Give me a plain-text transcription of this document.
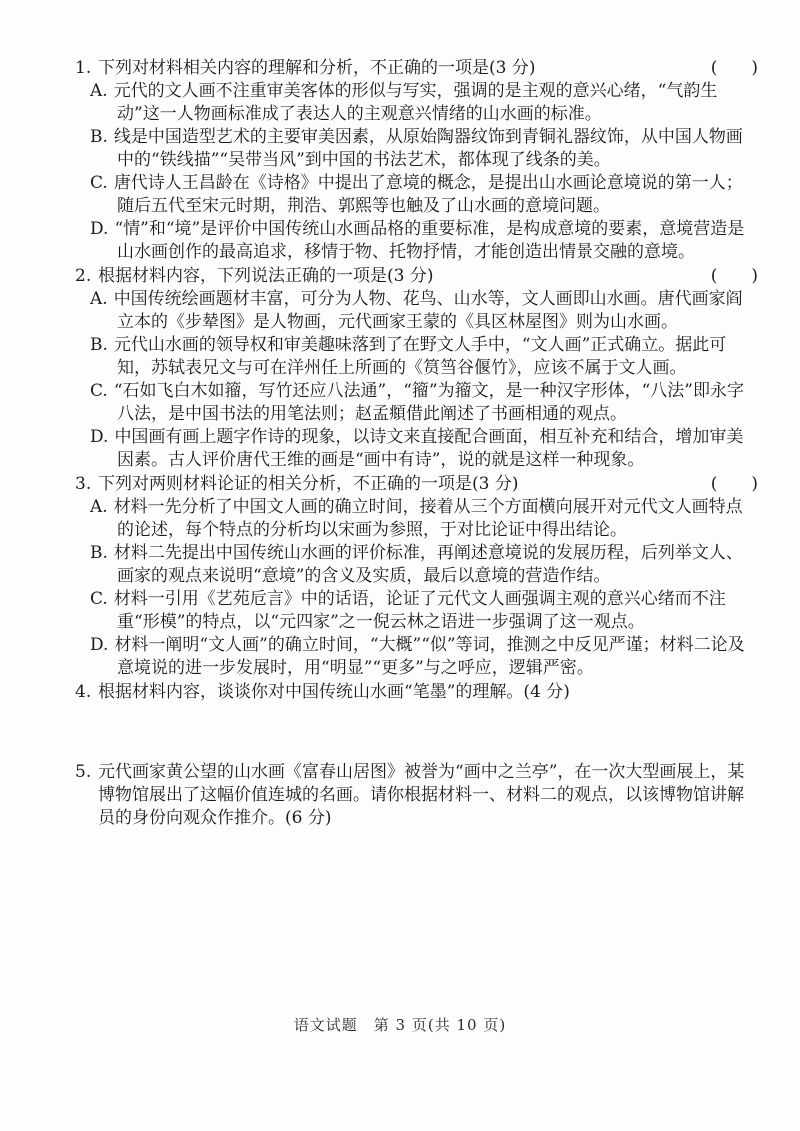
1. 下列对材料相关内容的理解和分析，不正确的一项是(3 分)	(　　)
A. 元代的文人画不注重审美客体的形似与写实，强调的是主观的意兴心绪，“气韵生动”这一人物画标准成了表达人的主观意兴情绪的山水画的标准。
B. 线是中国造型艺术的主要审美因素，从原始陶器纹饰到青铜礼器纹饰，从中国人物画中的“铁线描”“吴带当风”到中国的书法艺术，都体现了线条的美。
C. 唐代诗人王昌龄在《诗格》中提出了意境的概念，是提出山水画论意境说的第一人；随后五代至宋元时期，荆浩、郭熙等也触及了山水画的意境问题。
D. “情”和“境”是评价中国传统山水画品格的重要标准，是构成意境的要素，意境营造是山水画创作的最高追求，移情于物、托物抒情，才能创造出情景交融的意境。
2. 根据材料内容，下列说法正确的一项是(3 分)	(　　)
A. 中国传统绘画题材丰富，可分为人物、花鸟、山水等，文人画即山水画。唐代画家阎立本的《步辇图》是人物画，元代画家王蒙的《具区林屋图》则为山水画。
B. 元代山水画的领导权和审美趣味落到了在野文人手中，“文人画”正式确立。据此可知，苏轼表兄文与可在洋州任上所画的《筼筜谷偃竹》，应该不属于文人画。
C. “石如飞白木如籀，写竹还应八法通”，“籀”为籀文，是一种汉字形体，“八法”即永字八法，是中国书法的用笔法则；赵孟頫借此阐述了书画相通的观点。
D. 中国画有画上题字作诗的现象，以诗文来直接配合画面，相互补充和结合，增加审美因素。古人评价唐代王维的画是“画中有诗”，说的就是这样一种现象。
3. 下列对两则材料论证的相关分析，不正确的一项是(3 分)	(　　)
A. 材料一先分析了中国文人画的确立时间，接着从三个方面横向展开对元代文人画特点的论述，每个特点的分析均以宋画为参照，于对比论证中得出结论。
B. 材料二先提出中国传统山水画的评价标准，再阐述意境说的发展历程，后列举文人、画家的观点来说明“意境”的含义及实质，最后以意境的营造作结。
C. 材料一引用《艺苑卮言》中的话语，论证了元代文人画强调主观的意兴心绪而不注重“形模”的特点，以“元四家”之一倪云林之语进一步强调了这一观点。
D. 材料一阐明“文人画”的确立时间，“大概”“似”等词，推测之中反见严谨；材料二论及意境说的进一步发展时，用“明显”“更多”与之呼应，逻辑严密。
4. 根据材料内容，谈谈你对中国传统山水画“笔墨”的理解。(4 分)
5. 元代画家黄公望的山水画《富春山居图》被誉为“画中之兰亭”，在一次大型画展上，某博物馆展出了这幅价值连城的名画。请你根据材料一、材料二的观点，以该博物馆讲解员的身份向观众作推介。(6 分)
语文试题　第 3 页(共 10 页)
